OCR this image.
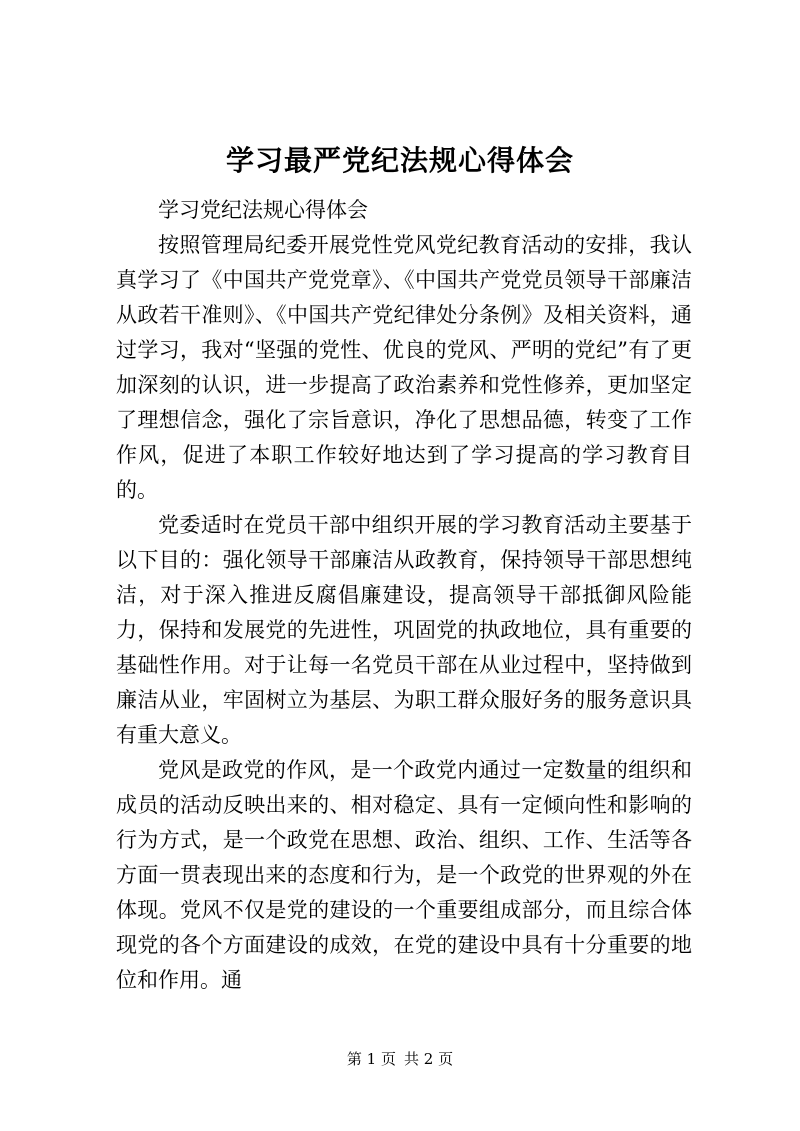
学习最严党纪法规心得体会

学习党纪法规心得体会

按照管理局纪委开展党性党风党纪教育活动的安排，我认真学习了《中国共产党党章》、《中国共产党党员领导干部廉洁从政若干准则》、《中国共产党纪律处分条例》及相关资料，通过学习，我对“坚强的党性、优良的党风、严明的党纪”有了更加深刻的认识，进一步提高了政治素养和党性修养，更加坚定了理想信念，强化了宗旨意识，净化了思想品德，转变了工作作风，促进了本职工作较好地达到了学习提高的学习教育目的。

党委适时在党员干部中组织开展的学习教育活动主要基于以下目的：强化领导干部廉洁从政教育，保持领导干部思想纯洁，对于深入推进反腐倡廉建设，提高领导干部抵御风险能力，保持和发展党的先进性，巩固党的执政地位，具有重要的基础性作用。对于让每一名党员干部在从业过程中，坚持做到廉洁从业，牢固树立为基层、为职工群众服好务的服务意识具有重大意义。

党风是政党的作风，是一个政党内通过一定数量的组织和成员的活动反映出来的、相对稳定、具有一定倾向性和影响的行为方式，是一个政党在思想、政治、组织、工作、生活等各方面一贯表现出来的态度和行为，是一个政党的世界观的外在体现。党风不仅是党的建设的一个重要组成部分，而且综合体现党的各个方面建设的成效，在党的建设中具有十分重要的地位和作用。通

第 1 页 共 2 页
